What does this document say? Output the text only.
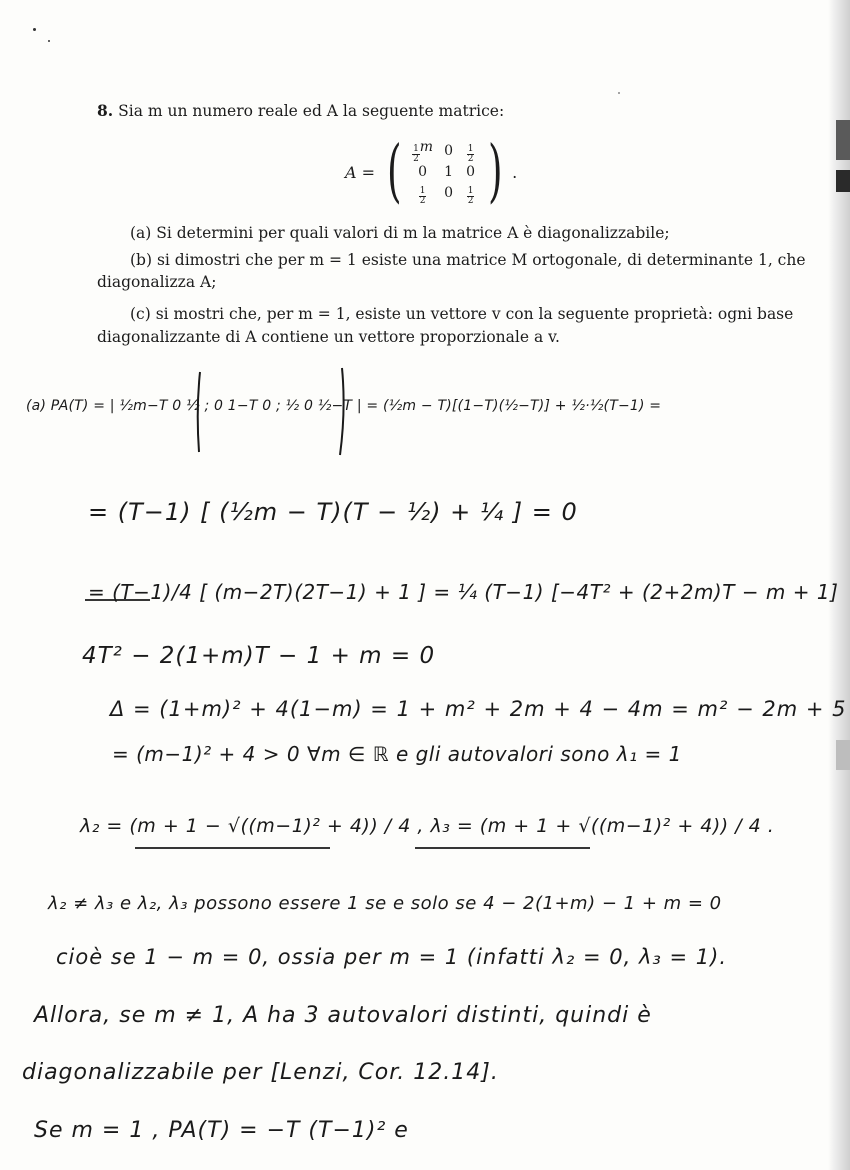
8. Sia m un numero reale ed A la seguente matrice:
A = ( $\frac{1}{2}$ m $0 \frac{1}{2}$
0 1 0
$\frac{1}{2} 0 \frac{1}{2}$ ) .
(a) Si determini per quali valori di m la matrice A è diagonalizzabile;
(b) si dimostri che per m = 1 esiste una matrice M ortogonale, di determinante 1, che
diagonalizza A;
(c) si mostri che, per m = 1, esiste un vettore v con la seguente proprietà: ogni base
diagonalizzante di A contiene un vettore proporzionale a v.
(a) PA(T) = | ½m−T 0 ½ ; 0 1−T 0 ; ½ 0 ½−T | = (½m − T)[(1−T)(½−T)] + ½·½(T−1) =
= (T−1) [ (½m − T)(T − ½) + ¼ ] = 0
= (T−1)/4 [ (m−2T)(2T−1) + 1 ] = ¼ (T−1) [−4T² + (2+2m)T − m + 1]
4T² − 2(1+m)T − 1 + m = 0
Δ = (1+m)² + 4(1−m) = 1 + m² + 2m + 4 − 4m = m² − 2m + 5
= (m−1)² + 4 > 0 ∀m ∈ ℝ e gli autovalori sono λ₁ = 1
λ₂ = (m + 1 − √((m−1)² + 4)) / 4 , λ₃ = (m + 1 + √((m−1)² + 4)) / 4 .
λ₂ ≠ λ₃ e λ₂, λ₃ possono essere 1 se e solo se 4 − 2(1+m) − 1 + m = 0
cioè se 1 − m = 0, ossia per m = 1 (infatti λ₂ = 0, λ₃ = 1).
Allora, se m ≠ 1, A ha 3 autovalori distinti, quindi è
diagonalizzabile per [Lenzi, Cor. 12.14].
Se m = 1 , PA(T) = −T (T−1)² e
